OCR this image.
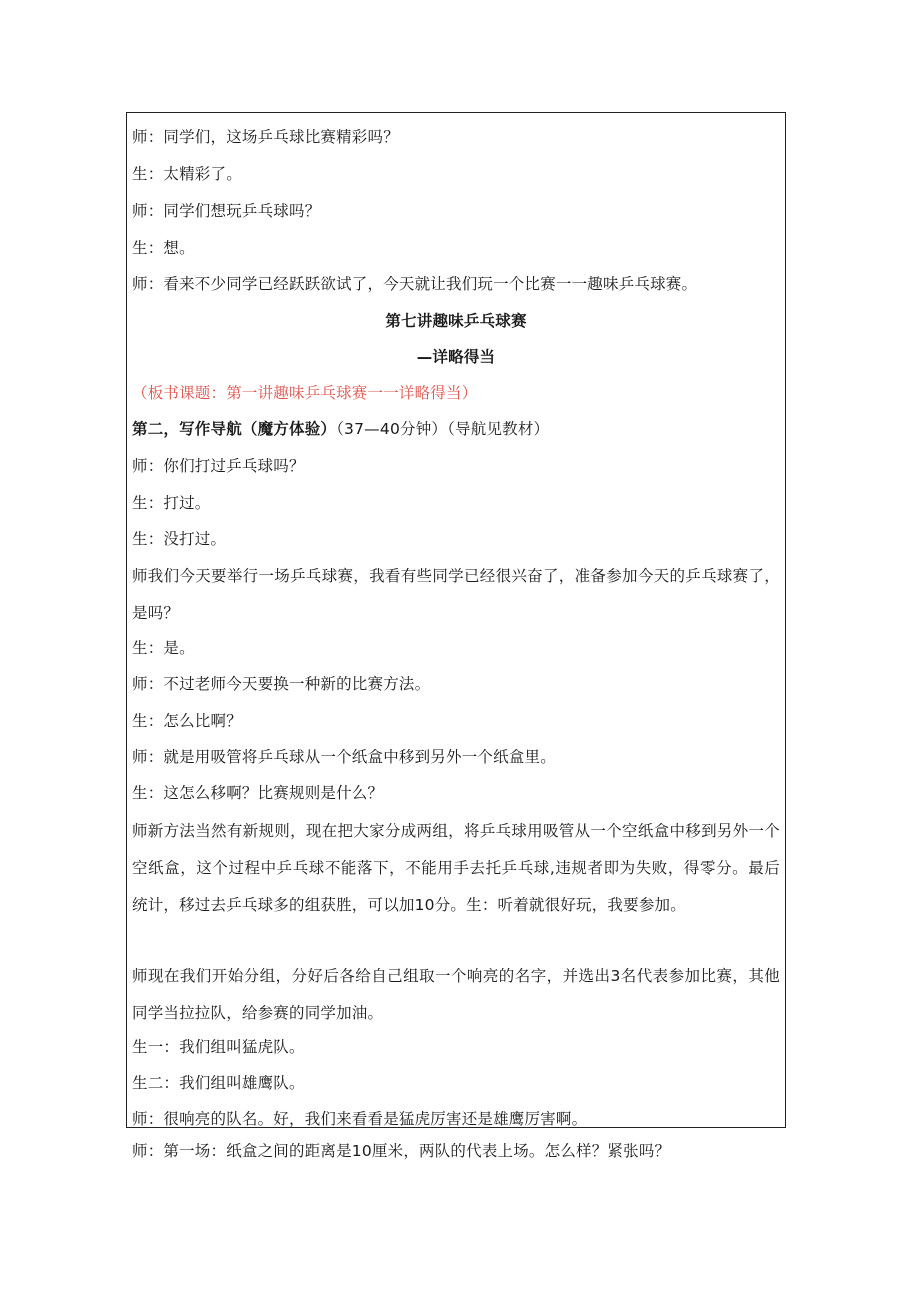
师：同学们，这场乒乓球比赛精彩吗？
生：太精彩了。
师：同学们想玩乒乓球吗？
生：想。
师：看来不少同学已经跃跃欲试了，今天就让我们玩一个比赛一一趣味乒乓球赛。
第七讲趣味乒乓球赛
—详略得当
（板书课题：第一讲趣味乒乓球赛一一详略得当）
第二，写作导航（魔方体验）（37—40分钟）（导航见教材）
师：你们打过乒乓球吗？
生：打过。
生：没打过。
师我们今天要举行一场乒乓球赛，我看有些同学已经很兴奋了，准备参加今天的乒乓球赛了，是吗？
生：是。
师：不过老师今天要换一种新的比赛方法。
生：怎么比啊？
师：就是用吸管将乒乓球从一个纸盒中移到另外一个纸盒里。
生：这怎么移啊？比赛规则是什么？
师新方法当然有新规则，现在把大家分成两组，将乒乓球用吸管从一个空纸盒中移到另外一个空纸盒，这个过程中乒乓球不能落下，不能用手去托乒乓球,违规者即为失败，得零分。最后统计，移过去乒乓球多的组获胜，可以加10分。生：听着就很好玩，我要参加。
师现在我们开始分组，分好后各给自己组取一个响亮的名字，并选出3名代表参加比赛，其他同学当拉拉队，给参赛的同学加油。
生一：我们组叫猛虎队。
生二：我们组叫雄鹰队。
师：很响亮的队名。好，我们来看看是猛虎厉害还是雄鹰厉害啊。
师：第一场：纸盒之间的距离是10厘米，两队的代表上场。怎么样？紧张吗？
